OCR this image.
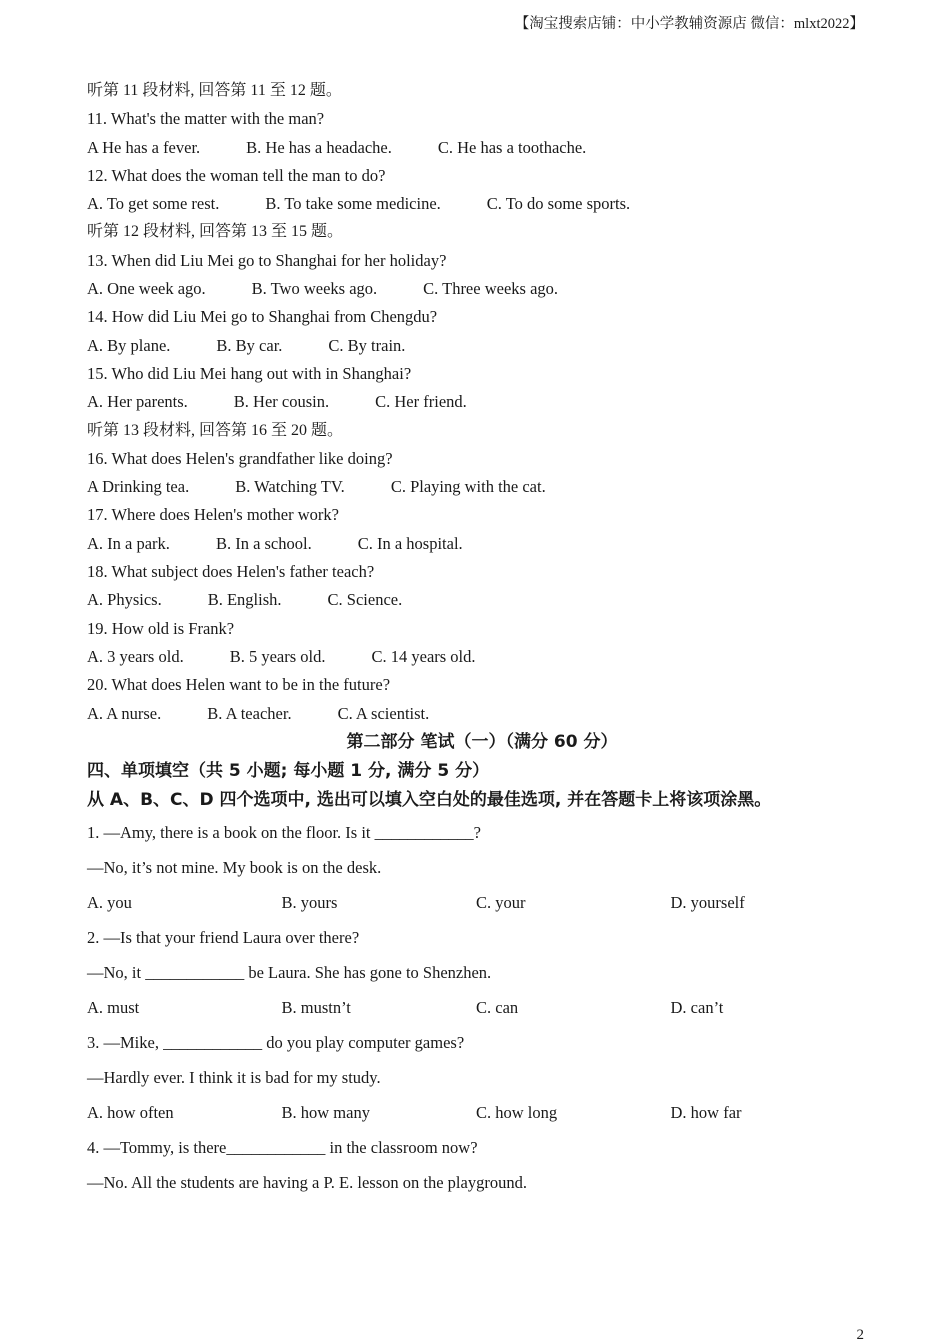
【淘宝搜索店铺：中小学教辅资源店 微信：mlxt2022】
听第 11 段材料, 回答第 11 至 12 题。
11. What's the matter with the man?
A He has a fever.	B. He has a headache.	C. He has a toothache.
12. What does the woman tell the man to do?
A. To get some rest.	B. To take some medicine.	C. To do some sports.
听第 12 段材料, 回答第 13 至 15 题。
13. When did Liu Mei go to Shanghai for her holiday?
A. One week ago.	B. Two weeks ago.	C. Three weeks ago.
14. How did Liu Mei go to Shanghai from Chengdu?
A. By plane.	B. By car.	C. By train.
15. Who did Liu Mei hang out with in Shanghai?
A. Her parents.	B. Her cousin.	C. Her friend.
听第 13 段材料, 回答第 16 至 20 题。
16. What does Helen's grandfather like doing?
A Drinking tea.	B. Watching TV.	C. Playing with the cat.
17. Where does Helen's mother work?
A. In a park.	B. In a school.	C. In a hospital.
18. What subject does Helen's father teach?
A. Physics.	B. English.	C. Science.
19. How old is Frank?
A. 3 years old.	B. 5 years old.	C. 14 years old.
20. What does Helen want to be in the future?
A. A nurse.	B. A teacher.	C. A scientist.
第二部分 笔试（一）（满分 60 分）
四、单项填空（共 5 小题; 每小题 1 分, 满分 5 分）
从 A、B、C、D 四个选项中, 选出可以填入空白处的最佳选项, 并在答题卡上将该项涂黑。
1. —Amy, there is a book on the floor. Is it ____________?
—No, it’s not mine. My book is on the desk.
A. you	B. yours	C. your	D. yourself
2. —Is that your friend Laura over there?
—No, it ____________ be Laura. She has gone to Shenzhen.
A. must	B. mustn’t	C. can	D. can’t
3. —Mike, ____________ do you play computer games?
—Hardly ever. I think it is bad for my study.
A. how often	B. how many	C. how long	D. how far
4. —Tommy, is there____________ in the classroom now?
—No. All the students are having a P. E. lesson on the playground.
2
